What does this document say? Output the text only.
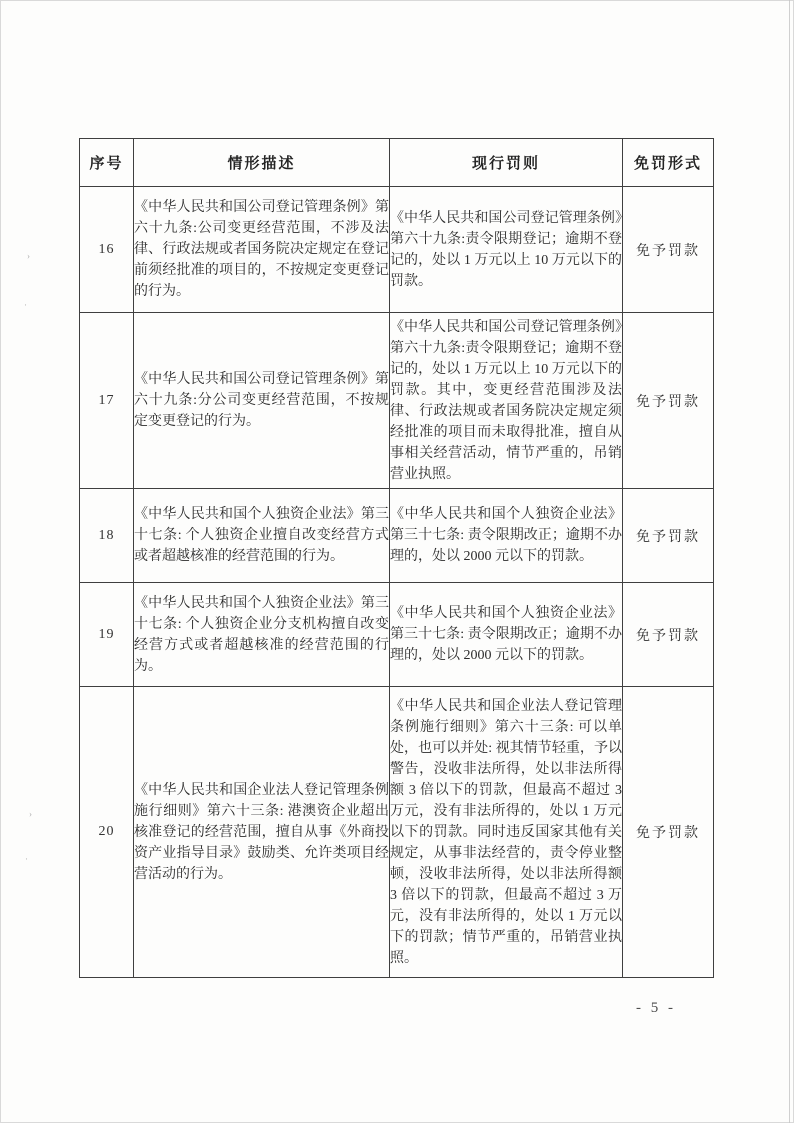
›
·
›
·
序号	情形描述	现行罚则	免罚形式
16	《中华人民共和国公司登记管理条例》第六十九条:公司变更经营范围，不涉及法律、行政法规或者国务院决定规定在登记前须经批准的项目的，不按规定变更登记的行为。	《中华人民共和国公司登记管理条例》第六十九条:责令限期登记；逾期不登记的，处以 1 万元以上 10 万元以下的罚款。	免予罚款
17	《中华人民共和国公司登记管理条例》第六十九条:分公司变更经营范围，不按规定变更登记的行为。	《中华人民共和国公司登记管理条例》第六十九条:责令限期登记；逾期不登记的，处以 1 万元以上 10 万元以下的罚款。其中，变更经营范围涉及法律、行政法规或者国务院决定规定须经批准的项目而未取得批准，擅自从事相关经营活动，情节严重的，吊销营业执照。	免予罚款
18	《中华人民共和国个人独资企业法》第三十七条: 个人独资企业擅自改变经营方式或者超越核准的经营范围的行为。	《中华人民共和国个人独资企业法》第三十七条: 责令限期改正；逾期不办理的，处以 2000 元以下的罚款。	免予罚款
19	《中华人民共和国个人独资企业法》第三十七条: 个人独资企业分支机构擅自改变经营方式或者超越核准的经营范围的行为。	《中华人民共和国个人独资企业法》第三十七条: 责令限期改正；逾期不办理的，处以 2000 元以下的罚款。	免予罚款
20	《中华人民共和国企业法人登记管理条例施行细则》第六十三条: 港澳资企业超出核准登记的经营范围，擅自从事《外商投资产业指导目录》鼓励类、允许类项目经营活动的行为。	《中华人民共和国企业法人登记管理条例施行细则》第六十三条: 可以单处，也可以并处: 视其情节轻重，予以警告，没收非法所得，处以非法所得额 3 倍以下的罚款，但最高不超过 3 万元，没有非法所得的，处以 1 万元以下的罚款。同时违反国家其他有关规定，从事非法经营的，责令停业整顿，没收非法所得，处以非法所得额 3 倍以下的罚款，但最高不超过 3 万元，没有非法所得的，处以 1 万元以下的罚款；情节严重的，吊销营业执照。	免予罚款
- 5 -
